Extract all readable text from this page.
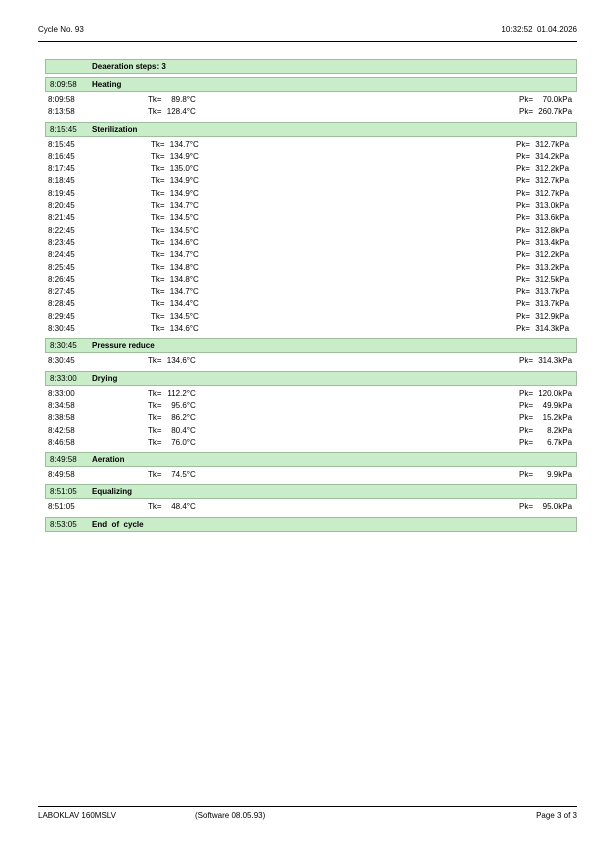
Cycle No. 93	10:32:52  01.04.2026
Deaeration steps: 3
8:09:58 Heating
8:09:58	Tk= 89.8°C	Pk= 70.0kPa
8:13:58	Tk= 128.4°C	Pk= 260.7kPa
8:15:45 Sterilization
8:15:45	Tk= 134.7°C	Pk= 312.7kPa
8:16:45	Tk= 134.9°C	Pk= 314.2kPa
8:17:45	Tk= 135.0°C	Pk= 312.2kPa
8:18:45	Tk= 134.9°C	Pk= 312.7kPa
8:19:45	Tk= 134.9°C	Pk= 312.7kPa
8:20:45	Tk= 134.7°C	Pk= 313.0kPa
8:21:45	Tk= 134.5°C	Pk= 313.6kPa
8:22:45	Tk= 134.5°C	Pk= 312.8kPa
8:23:45	Tk= 134.6°C	Pk= 313.4kPa
8:24:45	Tk= 134.7°C	Pk= 312.2kPa
8:25:45	Tk= 134.8°C	Pk= 313.2kPa
8:26:45	Tk= 134.8°C	Pk= 312.5kPa
8:27:45	Tk= 134.7°C	Pk= 313.7kPa
8:28:45	Tk= 134.4°C	Pk= 313.7kPa
8:29:45	Tk= 134.5°C	Pk= 312.9kPa
8:30:45	Tk= 134.6°C	Pk= 314.3kPa
8:30:45 Pressure reduce
8:30:45	Tk= 134.6°C	Pk= 314.3kPa
8:33:00 Drying
8:33:00	Tk= 112.2°C	Pk= 120.0kPa
8:34:58	Tk= 95.6°C	Pk= 49.9kPa
8:38:58	Tk= 86.2°C	Pk= 15.2kPa
8:42:58	Tk= 80.4°C	Pk= 8.2kPa
8:46:58	Tk= 76.0°C	Pk= 6.7kPa
8:49:58 Aeration
8:49:58	Tk= 74.5°C	Pk= 9.9kPa
8:51:05 Equalizing
8:51:05	Tk= 48.4°C	Pk= 95.0kPa
8:53:05 End  of  cycle
LABOKLAV 160MSLV	(Software 08.05.93)	Page 3 of 3
